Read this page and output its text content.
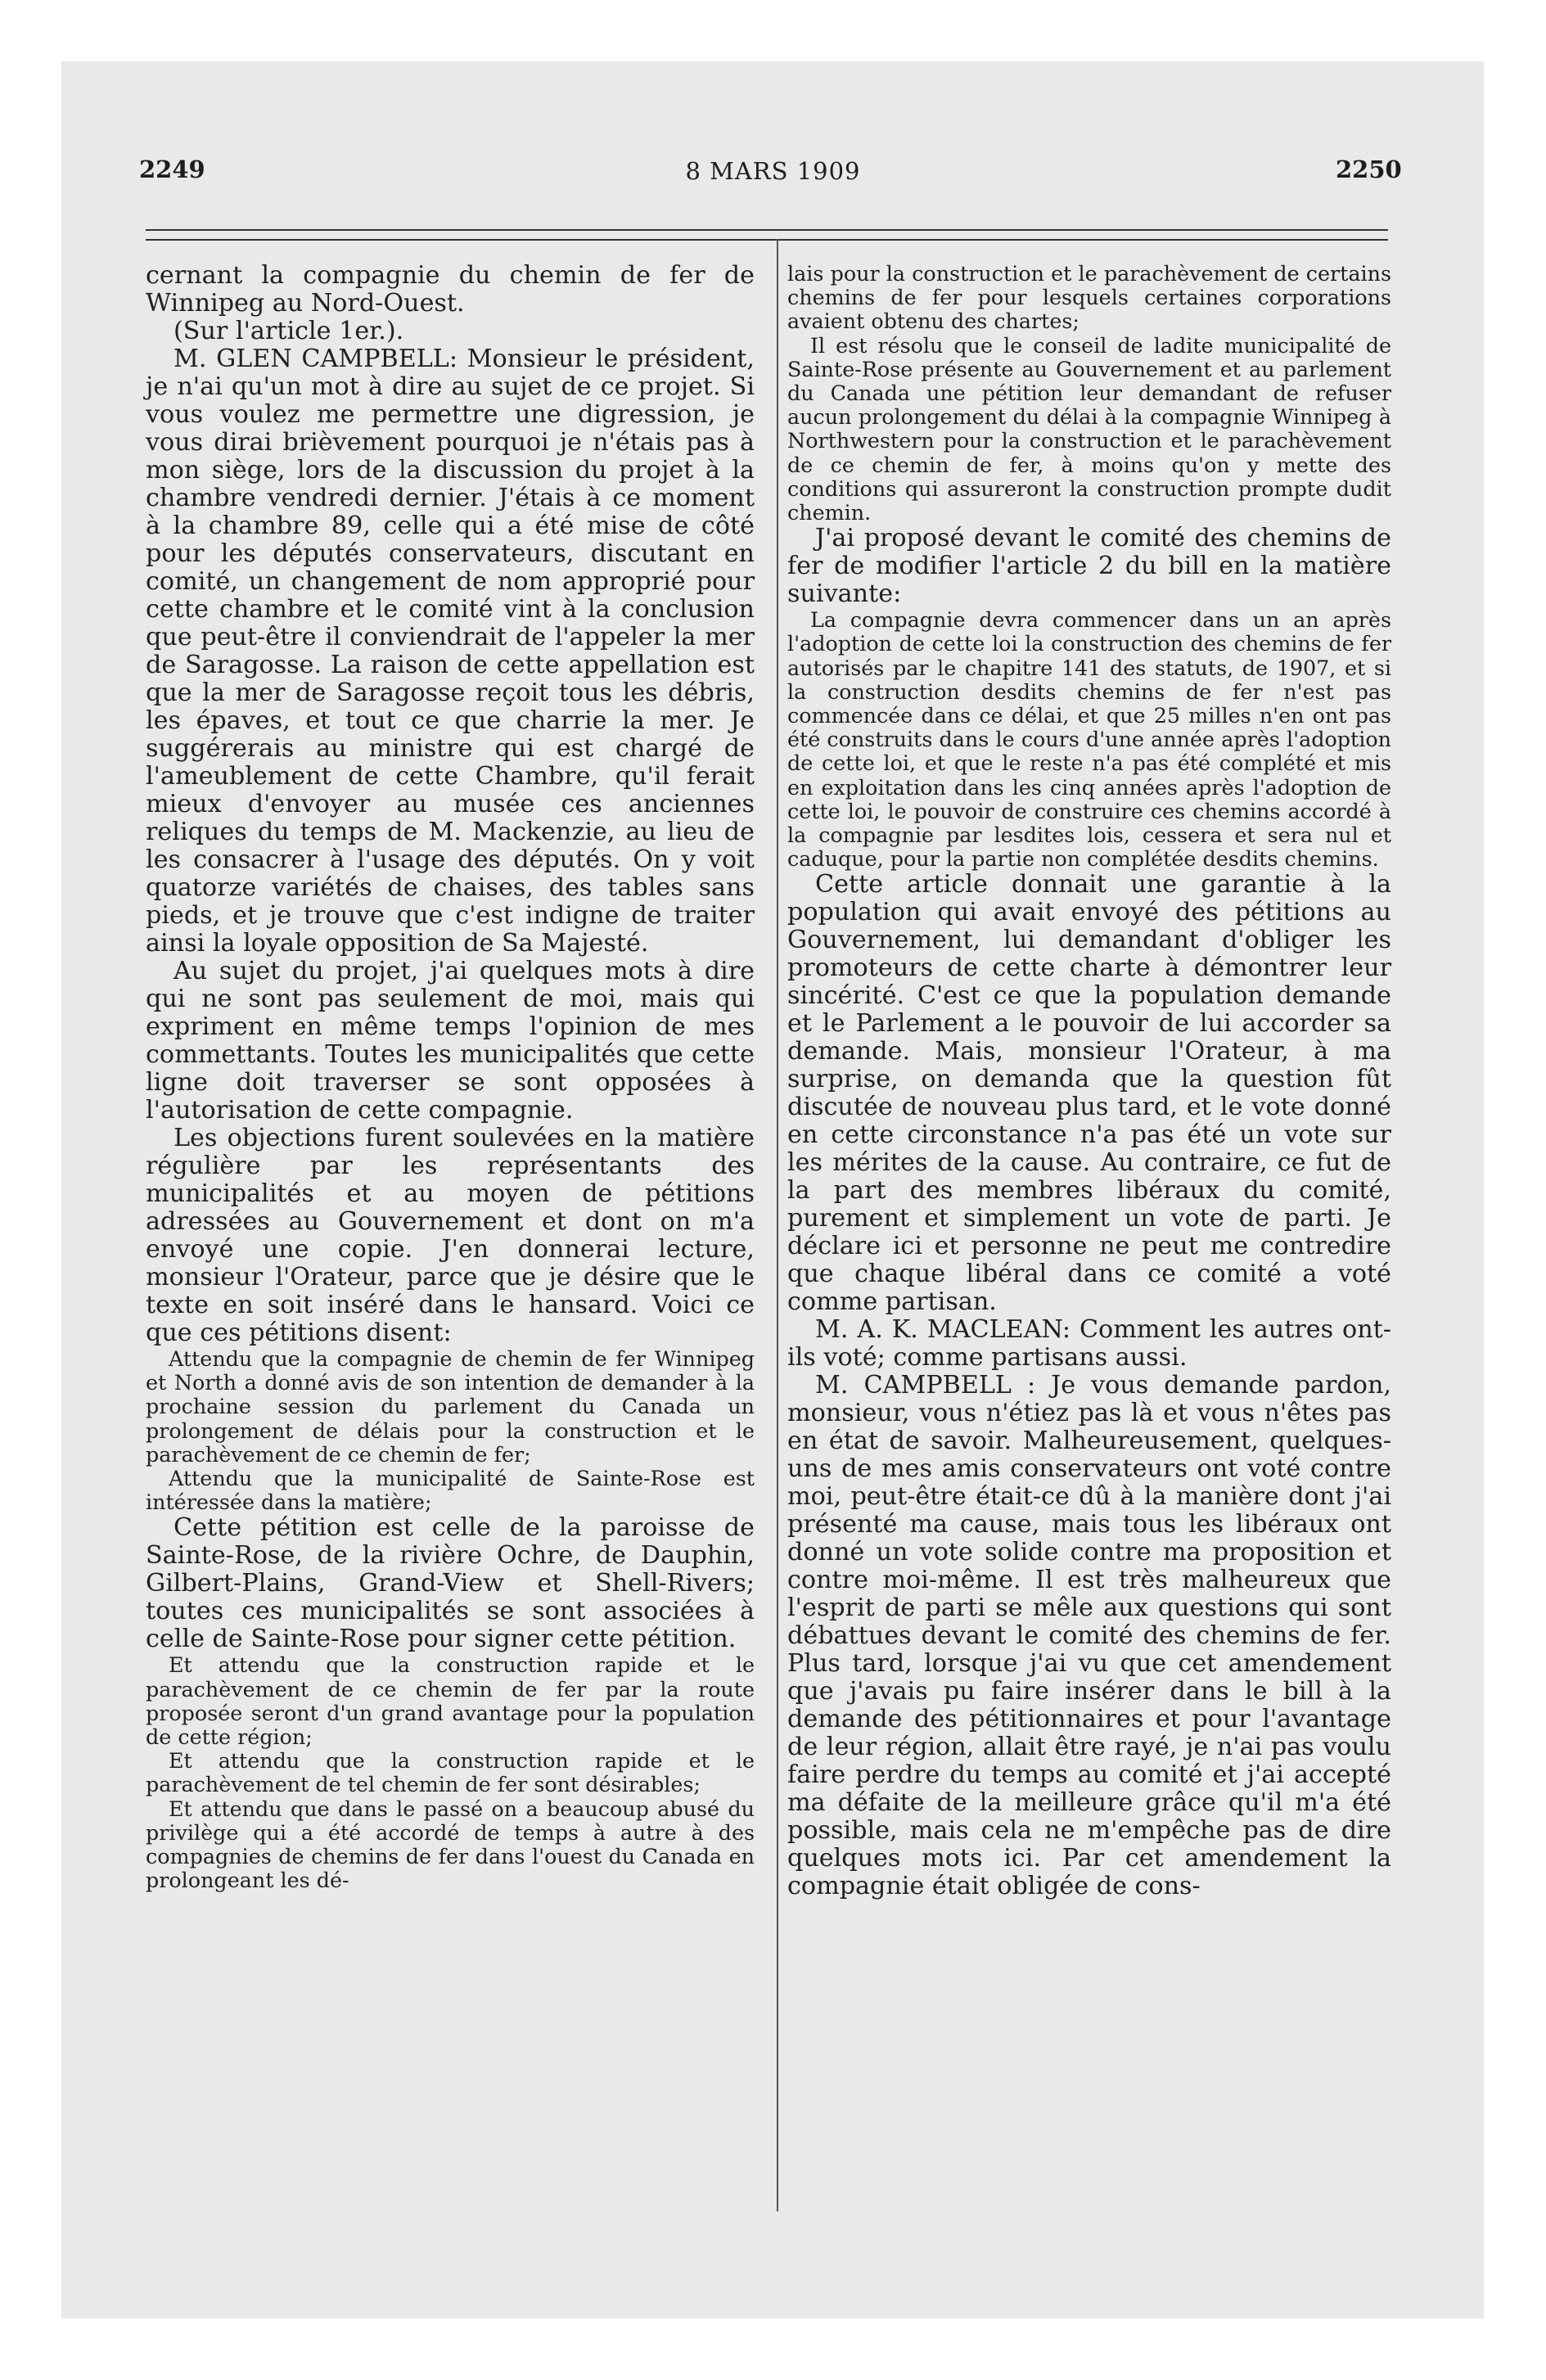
2249	8 MARS 1909	2250

cernant la compagnie du chemin de fer de Winnipeg au Nord-Ouest.

(Sur l'article 1er.).

M. GLEN CAMPBELL: Monsieur le président, je n'ai qu'un mot à dire au sujet de ce projet. Si vous voulez me permettre une digression, je vous dirai brièvement pourquoi je n'étais pas à mon siège, lors de la discussion du projet à la chambre vendredi dernier. J'étais à ce moment à la chambre 89, celle qui a été mise de côté pour les députés conservateurs, discutant en comité, un changement de nom approprié pour cette chambre et le comité vint à la conclusion que peut-être il conviendrait de l'appeler la mer de Saragosse. La raison de cette appellation est que la mer de Saragosse reçoit tous les débris, les épaves, et tout ce que charrie la mer. Je suggérerais au ministre qui est chargé de l'ameublement de cette Chambre, qu'il ferait mieux d'envoyer au musée ces anciennes reliques du temps de M. Mackenzie, au lieu de les consacrer à l'usage des députés. On y voit quatorze variétés de chaises, des tables sans pieds, et je trouve que c'est indigne de traiter ainsi la loyale opposition de Sa Majesté.

Au sujet du projet, j'ai quelques mots à dire qui ne sont pas seulement de moi, mais qui expriment en même temps l'opinion de mes commettants. Toutes les municipalités que cette ligne doit traverser se sont opposées à l'autorisation de cette compagnie.

Les objections furent soulevées en la matière régulière par les représentants des municipalités et au moyen de pétitions adressées au Gouvernement et dont on m'a envoyé une copie. J'en donnerai lecture, monsieur l'Orateur, parce que je désire que le texte en soit inséré dans le hansard. Voici ce que ces pétitions disent:

Attendu que la compagnie de chemin de fer Winnipeg et North a donné avis de son intention de demander à la prochaine session du parlement du Canada un prolongement de délais pour la construction et le parachèvement de ce chemin de fer;

Attendu que la municipalité de Sainte-Rose est intéressée dans la matière;

Cette pétition est celle de la paroisse de Sainte-Rose, de la rivière Ochre, de Dauphin, Gilbert-Plains, Grand-View et Shell-Rivers; toutes ces municipalités se sont associées à celle de Sainte-Rose pour signer cette pétition.

Et attendu que la construction rapide et le parachèvement de ce chemin de fer par la route proposée seront d'un grand avantage pour la population de cette région;

Et attendu que la construction rapide et le parachèvement de tel chemin de fer sont désirables;

Et attendu que dans le passé on a beaucoup abusé du privilège qui a été accordé de temps à autre à des compagnies de chemins de fer dans l'ouest du Canada en prolongeant les dé-

lais pour la construction et le parachèvement de certains chemins de fer pour lesquels certaines corporations avaient obtenu des chartes;

Il est résolu que le conseil de ladite municipalité de Sainte-Rose présente au Gouvernement et au parlement du Canada une pétition leur demandant de refuser aucun prolongement du délai à la compagnie Winnipeg à Northwestern pour la construction et le parachèvement de ce chemin de fer, à moins qu'on y mette des conditions qui assureront la construction prompte dudit chemin.

J'ai proposé devant le comité des chemins de fer de modifier l'article 2 du bill en la matière suivante:

La compagnie devra commencer dans un an après l'adoption de cette loi la construction des chemins de fer autorisés par le chapitre 141 des statuts, de 1907, et si la construction desdits chemins de fer n'est pas commencée dans ce délai, et que 25 milles n'en ont pas été construits dans le cours d'une année après l'adoption de cette loi, et que le reste n'a pas été complété et mis en exploitation dans les cinq années après l'adoption de cette loi, le pouvoir de construire ces chemins accordé à la compagnie par lesdites lois, cessera et sera nul et caduque, pour la partie non complétée desdits chemins.

Cette article donnait une garantie à la population qui avait envoyé des pétitions au Gouvernement, lui demandant d'obliger les promoteurs de cette charte à démontrer leur sincérité. C'est ce que la population demande et le Parlement a le pouvoir de lui accorder sa demande. Mais, monsieur l'Orateur, à ma surprise, on demanda que la question fût discutée de nouveau plus tard, et le vote donné en cette circonstance n'a pas été un vote sur les mérites de la cause. Au contraire, ce fut de la part des membres libéraux du comité, purement et simplement un vote de parti. Je déclare ici et personne ne peut me contredire que chaque libéral dans ce comité a voté comme partisan.

M. A. K. MACLEAN: Comment les autres ont-ils voté; comme partisans aussi.

M. CAMPBELL : Je vous demande pardon, monsieur, vous n'étiez pas là et vous n'êtes pas en état de savoir. Malheureusement, quelques-uns de mes amis conservateurs ont voté contre moi, peut-être était-ce dû à la manière dont j'ai présenté ma cause, mais tous les libéraux ont donné un vote solide contre ma proposition et contre moi-même. Il est très malheureux que l'esprit de parti se mêle aux questions qui sont débattues devant le comité des chemins de fer. Plus tard, lorsque j'ai vu que cet amendement que j'avais pu faire insérer dans le bill à la demande des pétitionnaires et pour l'avantage de leur région, allait être rayé, je n'ai pas voulu faire perdre du temps au comité et j'ai accepté ma défaite de la meilleure grâce qu'il m'a été possible, mais cela ne m'empêche pas de dire quelques mots ici. Par cet amendement la compagnie était obligée de cons-
